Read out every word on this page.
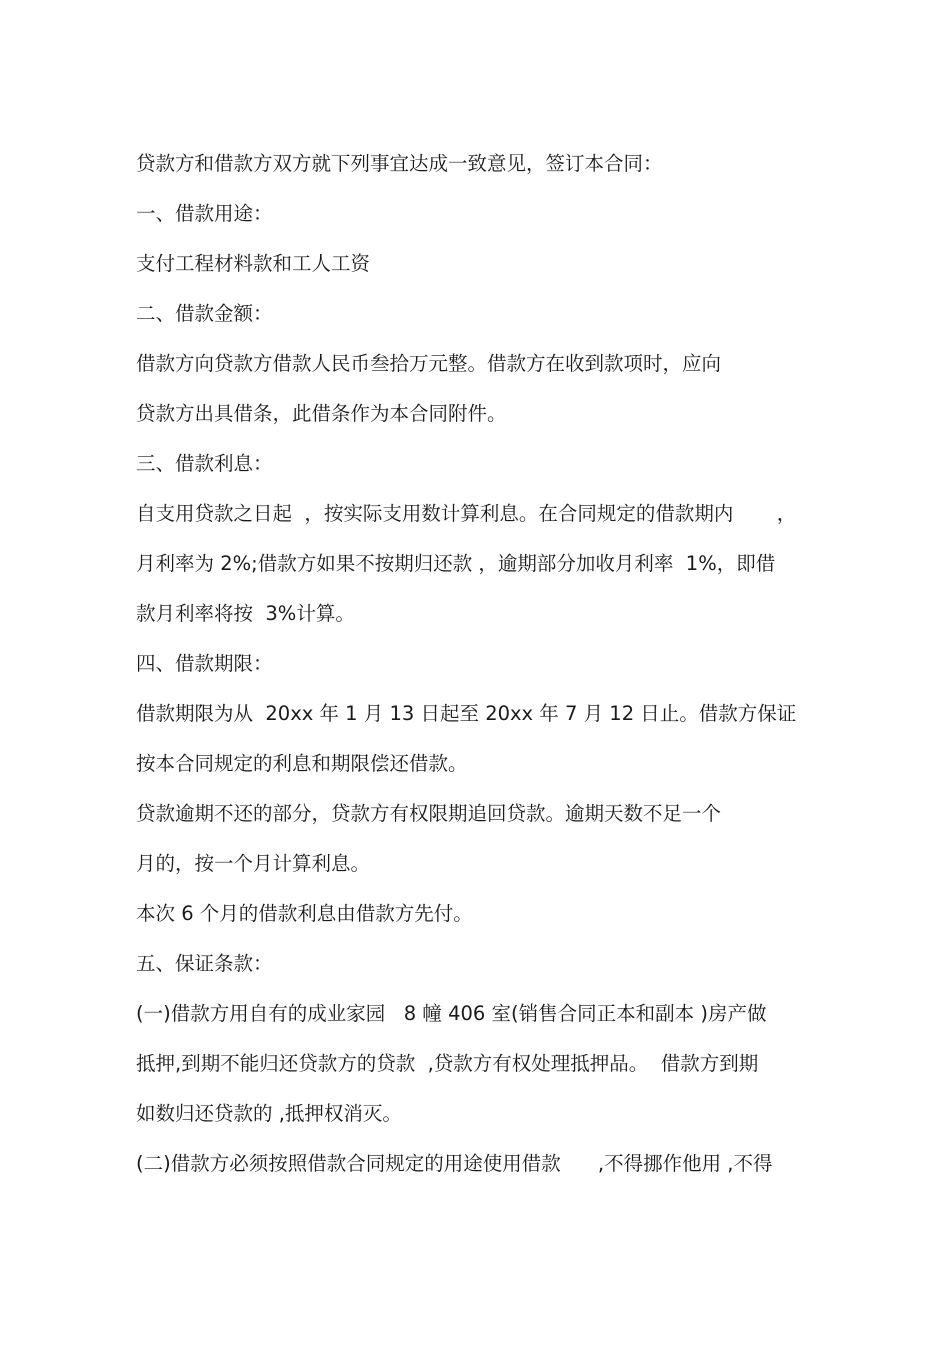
贷款方和借款方双方就下列事宜达成一致意见，签订本合同：
一、借款用途：
支付工程材料款和工人工资
二、借款金额：
借款方向贷款方借款人民币叁拾万元整。借款方在收到款项时，应向
贷款方出具借条，此借条作为本合同附件。
三、借款利息：
自支用贷款之日起  ，按实际支用数计算利息。在合同规定的借款期内       ，
月利率为 2%;借款方如果不按期归还款 ，逾期部分加收月利率  1%，即借
款月利率将按  3%计算。
四、借款期限：
借款期限为从  20xx 年 1 月 13 日起至 20xx 年 7 月 12 日止。借款方保证
按本合同规定的利息和期限偿还借款。
贷款逾期不还的部分，贷款方有权限期追回贷款。逾期天数不足一个
月的，按一个月计算利息。
本次 6 个月的借款利息由借款方先付。
五、保证条款：
(一)借款方用自有的成业家园   8 幢 406 室(销售合同正本和副本 )房产做
抵押,到期不能归还贷款方的贷款  ,贷款方有权处理抵押品。  借款方到期
如数归还贷款的 ,抵押权消灭。
(二)借款方必须按照借款合同规定的用途使用借款      ,不得挪作他用 ,不得
